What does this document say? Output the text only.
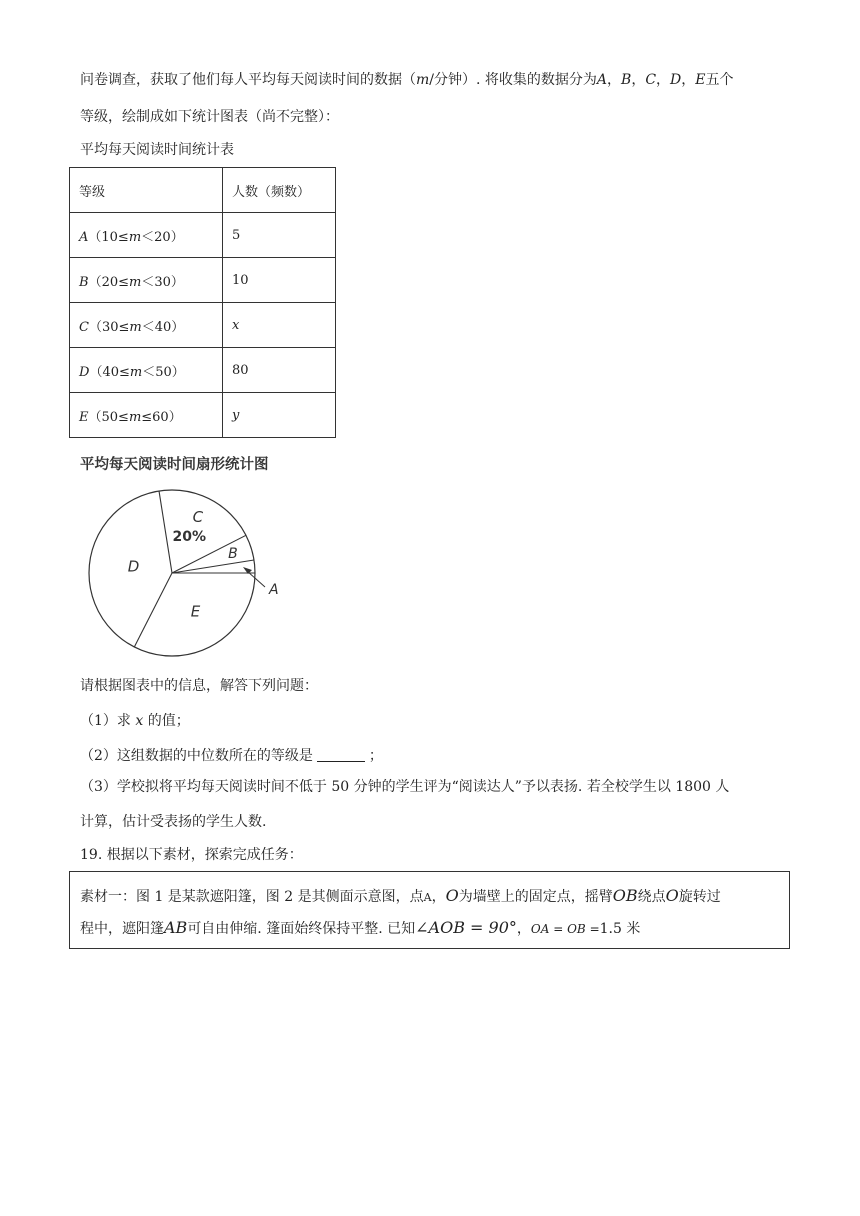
问卷调查，获取了他们每人平均每天阅读时间的数据（m/分钟）. 将收集的数据分为A，B，C，D，E五个
等级，绘制成如下统计图表（尚不完整）：
平均每天阅读时间统计表
等级	人数（频数）
A（10≤m＜20）	5
B（20≤m＜30）	10
C（30≤m＜40）	x
D（40≤m＜50）	80
E（50≤m≤60）	y
平均每天阅读时间扇形统计图
C
20%
B
D
E
A
请根据图表中的信息，解答下列问题：
（1）求 x 的值；
（2）这组数据的中位数所在的等级是	；
（3）学校拟将平均每天阅读时间不低于 50 分钟的学生评为“阅读达人”予以表扬. 若全校学生以 1800 人
计算，估计受表扬的学生人数.
19. 根据以下素材，探索完成任务：
素材一：图 1 是某款遮阳篷，图 2 是其侧面示意图，点A，O为墙壁上的固定点，摇臂OB绕点O旋转过
程中，遮阳篷AB可自由伸缩. 篷面始终保持平整. 已知∠AOB = 90°，OA = OB =1.5 米
